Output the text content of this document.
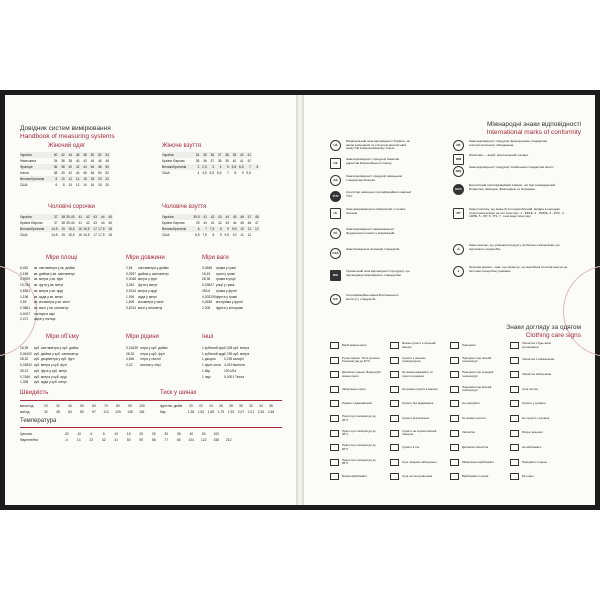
Довідник систем вимірювання
Handbook of measuring systems
Жіночий одяг
Україна	40	42	44	46	48	50	52	54
Німеччина	34	36	38	40	42	44	46	48
Франція	36	38	40	42	44	46	48	50
Італія	38	40	42	44	46	48	50	52
Великобританія	8	10	12	14	16	18	20	22
США	6	8	10	12	14	16	18	20
Жіноче взуття
Україна	34	35	36	37	38	39	40	41	
Країни Європи	35	36	37	38	39	40	41	42	
Великобританія	2	2,5	3	4	5	5,5	6,5	7	8
США	4	4,5	5,5	6,5	7	8	9	9,5	
Чоловічі сорочки
Україна	37	38	39-40	41	42	43	44	45
Країни Європи	37	38	39-40	41	42	43	44	45
Великобританія	14,5	15	15,5	16	16,5	17	17,5	18
США	14,5	15	15,5	16	16,5	17	17,5	18
Чоловіче взуття
Україна	39,5	41	42	43	44	45	46	47	48
Країни Європи	39	40	41	42	43	44	45	46	47
Великобританія	6	7	7,5	8	9	9,5	10	11	12
США	6,5	7,5	8	9	9,5	10	11	12	
Міри площі
6,452	кв. сантиметра у кв. дюймі
0,155	кв. дюйма у кв. сантиметрі
0,0929	кв. метра у кв. футі
10,764	кв. фута у кв. метрі
0,8361	кв. метра у кв. ярді
1,196	кв. ярда у кв. метрі
2,59	кв. кілометра у кв. милі
0,3861	кв. милі у кв. кілометрі
0,4047	гектара в акрі
2,471	акрів у гектарі
Міри довжини
2,54	сантиметра у дюймі
0,3937 дюйма у сантиметрі
0,3048 метра у футі
3,281	фута у метрі
0,9144 метра у ярді
1,094	ярда у метрі
1,609	кілометра у милі
0,6214 милі у кілометрі
Міри ваги
0,0648	грама у грані
15,43	грані у грамі
28,35	грама в унції
0,03527 унції у грамі
453,6	грама у фунті
0,002205 фунта у грамі
0,4536	кілограма у фунті
2,205	фунта у кілограмі
Міри об'єму
16,39	куб. сантиметра у куб. дюймі
0,06102 куб. дюйма у куб. сантиметрі
28,32	куб. дециметра у куб. футі
0,02832 куб. метра у куб. футі
35,31	куб. фута у куб. метрі
0,7646	куб. метра у куб. ярді
1,308	куб. ярда у куб. метрі
Міри рідини
0,01639 літра у куб. дюймі
28,32	літра у куб. футі
4,546	літра у галоні
0,22	галона у літрі
Інші
1 кубічний фут 0,028 куб. метра
1 кубічний ярд 0,765 куб. метра
1 джоуль	0,239 калорії
1 фунт-сила 4,45 Ньютона
1 бар	100 кПа
1 гаус	0,0001 Тесла
Швидкість	Тиск у шинах
миль/год	20	30	40	50	60	70	80	90	100
км/год	32	48	64	80	97	113	129	145	161
фунт/кв. дюйм	20	22	24	26	28	30	32	34	36
бар	1,38	1,52	1,65	1,79	1,93	2,07	2,21	2,34	2,48
Температура
Цельсія	-20	-10	0	5	10	15	20	25	30	35	40	50	100
Фаренгейта	-4	14	23	32	41	50	59	68	77	86	104	122	158	212
Міжнародні знаки відповідності
International marks of conformity
UA
Національний знак відповідності України, за своїм значенням та статусом аналогічний знаку CE в Європейському Союзі.
CE
Знак відповідності продукції вимогам директив Європейського Союзу.
GS
Знак відповідності продукції німецьким стандартам безпеки.
TÜV
Агентство німецької сертифікаційної компанії TÜV.
UL
Знак американської лабораторії з техніки безпеки.
FC
Знак відповідності американської Федеральної комісії з комунікацій.
CSA
Знак Канадської Асоціації стандартів.
BSI
Український знак відповідності продукції, що підтверджує відповідність стандартам.
BS
Сертифікаційна марка Британського інституту стандартів.
NF
Знак відповідності продукції французьким стандартам електротехнічного обладнання.
WM
Woolmark — виріб, виготовлений з вовни.
IMQ
Знак відповідності продукції італійським стандартам якості.
ECO
Екологічний сертифікаційний символ, що був затверджений Норвегією, Швецією, Фінляндією та Ісландією.
PP
Знак пластику, що може бути перероблений. Цифра в середині трикутника вказує на тип пластику: 1 - PETE, 2 - HDPE, 3 - PVC, 4 - LDPE, 5 - PP, 6 - PS, 7 - інші види пластику.
♺
Знак означає, що упаковка продукту зроблена з матеріалів, що підлягають переробці.
●
Зеленая крапка - знак, що гарантує, що виробник сплатив внесок до системи переробки упаковки.
Знаки догляду за одягом
Clothing care signs
Виріб можна прати
Ручне прання. Теплі розчини. Температура до 30°С
Делікатне прання. Вода виріб можна прати
Заборонено прати
Прання з віджиманням
Прати при температурі до 30°С
Прати при температурі до 40°С
Прати при температурі до 60°С
Прати при температурі до 95°С
Можна відбілювати
Можна сушити в пральній машині
Сушити з низькою температурою
Не можна віджимати та сушити в машині
Не можна сушити в машині
Сушити без віджимання
Сушити вертикально
Сушити на горизонтальній поверхні
Сушити в тіні
Сухе чищення заборонено
Суха чистка дозволена
Прасувати
Прасувати при низькій температурі
Прасувати при середній температурі
Прасувати при високій температурі
Не прасувати
Не можна чистити
Хімчистка
Делікатна хімчистка
Заборонено відбілювати
Відбілювати хлором
Хімчистка з будь-яким розчинником
Хімчистка з обмеженням
Хімчистка заборонена
Суха чистка
Сушити у сушарці
Не сушити у сушарці
Мокре чищення
Не вибілювати
Прасувати з парою
Без пари
